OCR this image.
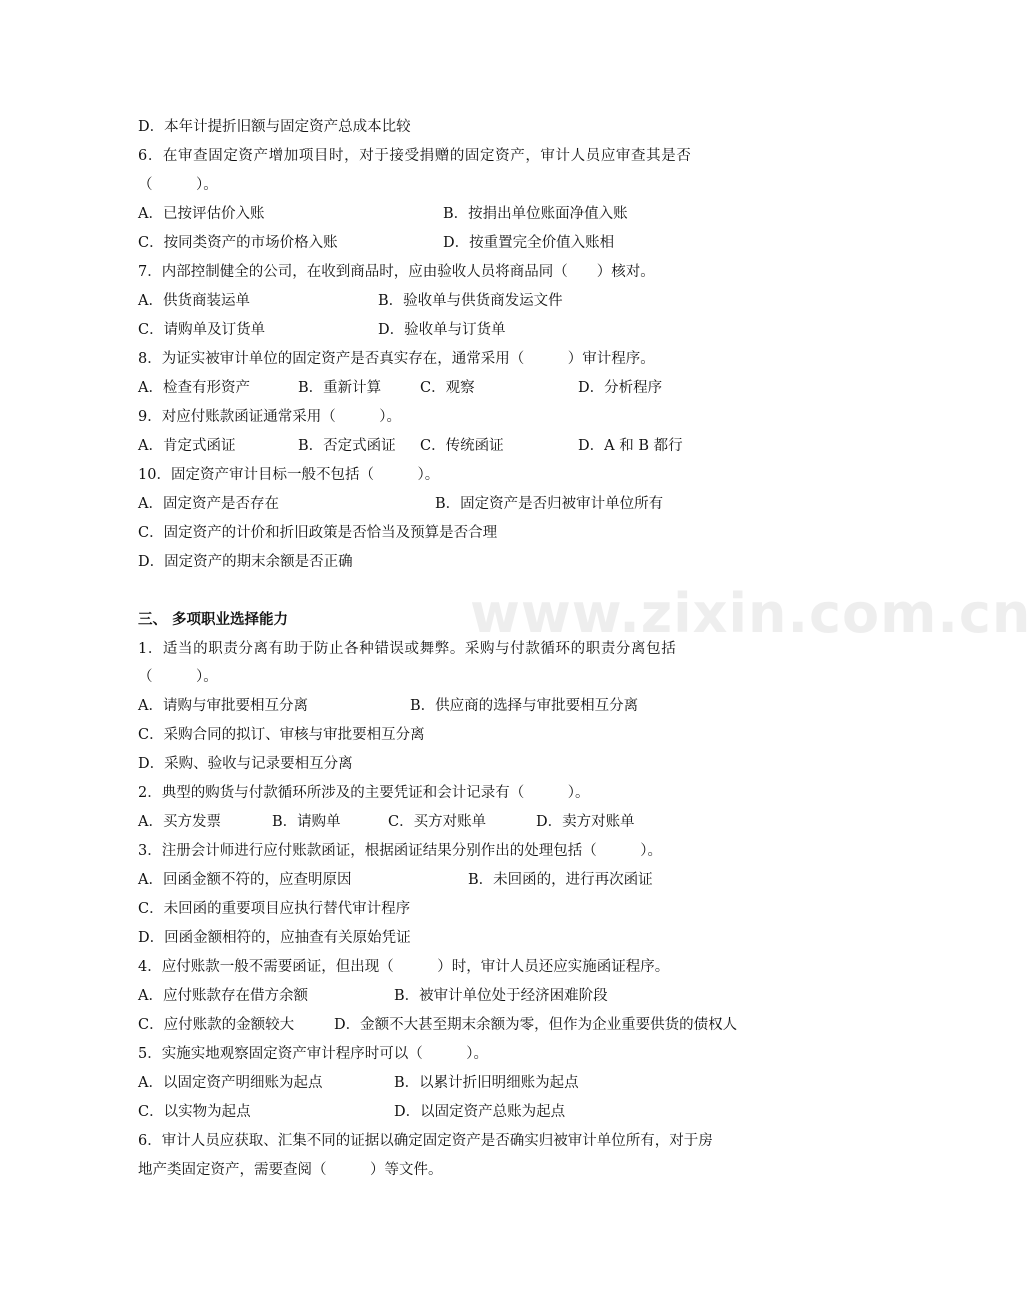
www.zixin.com.cn
D．本年计提折旧额与固定资产总成本比较
6．在审查固定资产增加项目时，对于接受捐赠的固定资产，审计人员应审查其是否
（　　　）。
A．已按评估价入账	B．按捐出单位账面净值入账
C．按同类资产的市场价格入账	D．按重置完全价值入账相
7．内部控制健全的公司，在收到商品时，应由验收人员将商品同（　　）核对。
A．供货商装运单	B．验收单与供货商发运文件
C．请购单及订货单	D．验收单与订货单
8．为证实被审计单位的固定资产是否真实存在，通常采用（　　　）审计程序。
A．检查有形资产	B．重新计算	C．观察	D．分析程序
9．对应付账款函证通常采用（　　　）。
A．肯定式函证	B．否定式函证 C．传统函证	D．A 和 B 都行
10．固定资产审计目标一般不包括（　　　）。
A．固定资产是否存在	B．固定资产是否归被审计单位所有
C．固定资产的计价和折旧政策是否恰当及预算是否合理
D．固定资产的期末余额是否正确
三、 多项职业选择能力
1．适当的职责分离有助于防止各种错误或舞弊。采购与付款循环的职责分离包括
（　　　）。
A．请购与审批要相互分离	B．供应商的选择与审批要相互分离
C．采购合同的拟订、审核与审批要相互分离
D．采购、验收与记录要相互分离
2．典型的购货与付款循环所涉及的主要凭证和会计记录有（　　　）。
A．买方发票	B．请购单	C．买方对账单	D．卖方对账单
3．注册会计师进行应付账款函证，根据函证结果分别作出的处理包括（　　　）。
A．回函金额不符的，应查明原因	B．未回函的，进行再次函证
C．未回函的重要项目应执行替代审计程序
D．回函金额相符的，应抽查有关原始凭证
4．应付账款一般不需要函证，但出现（　　　）时，审计人员还应实施函证程序。
A．应付账款存在借方余额	B．被审计单位处于经济困难阶段
C．应付账款的金额较大	D．金额不大甚至期末余额为零，但作为企业重要供货的债权人
5．实施实地观察固定资产审计程序时可以（　　　）。
A．以固定资产明细账为起点	B．以累计折旧明细账为起点
C．以实物为起点	D．以固定资产总账为起点
6．审计人员应获取、汇集不同的证据以确定固定资产是否确实归被审计单位所有，对于房
地产类固定资产，需要查阅（　　　）等文件。
